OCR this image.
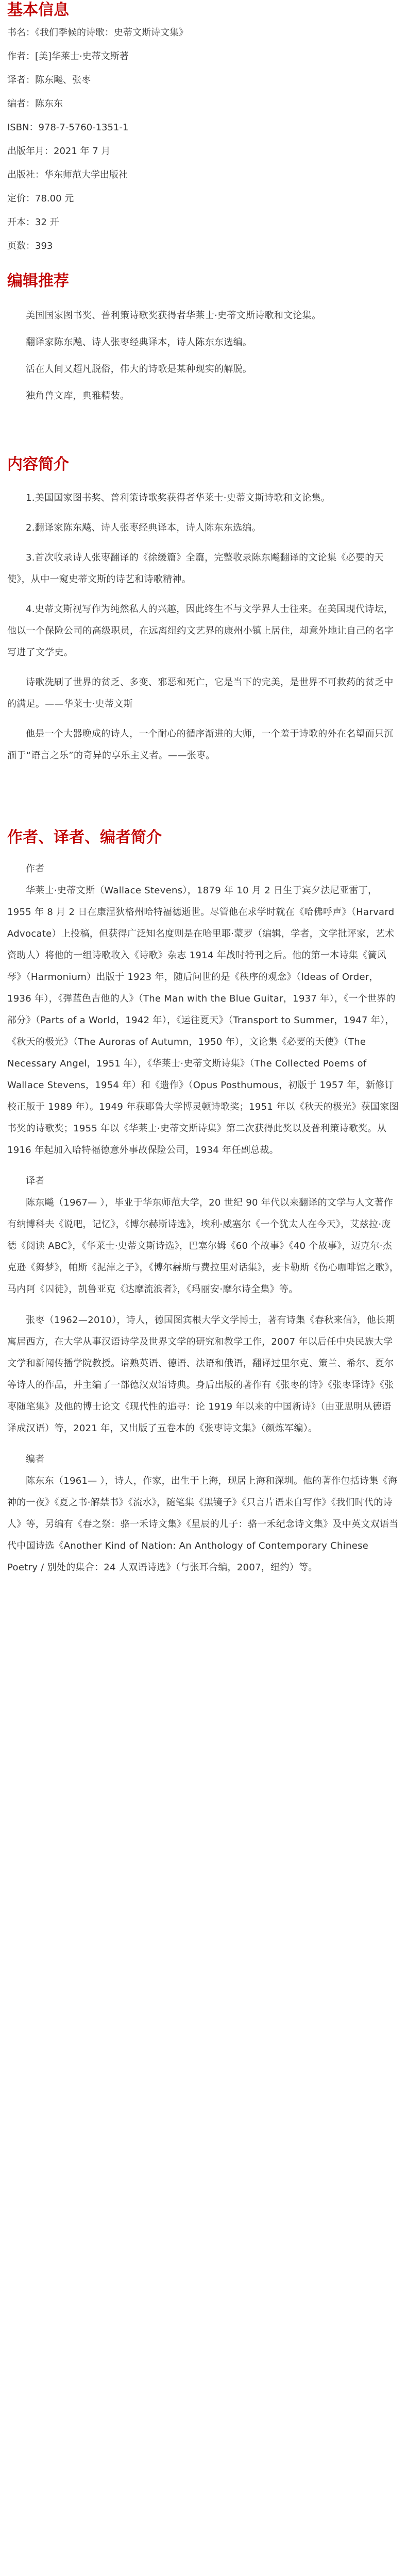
基本信息

书名：《我们季候的诗歌：史蒂文斯诗文集》

作者：[美]华莱士·史蒂文斯著

译者：陈东飚、张枣

编者：陈东东

ISBN：978-7-5760-1351-1

出版年月：2021 年 7 月

出版社：华东师范大学出版社

定价：78.00 元

开本：32 开

页数：393

编辑推荐

美国国家图书奖、普利策诗歌奖获得者华莱士·史蒂文斯诗歌和文论集。

翻译家陈东飚、诗人张枣经典译本，诗人陈东东选编。

活在人间又超凡脱俗，伟大的诗歌是某种现实的解脱。

独角兽文库，典雅精装。

内容简介

1.美国国家图书奖、普利策诗歌奖获得者华莱士·史蒂文斯诗歌和文论集。

2.翻译家陈东飚、诗人张枣经典译本，诗人陈东东选编。

3.首次收录诗人张枣翻译的《徐缓篇》全篇，完整收录陈东飚翻译的文论集《必要的天使》，从中一窥史蒂文斯的诗艺和诗歌精神。

4.史蒂文斯视写作为纯然私人的兴趣，因此终生不与文学界人士往来。在美国现代诗坛，他以一个保险公司的高级职员，在远离纽约文艺界的康州小镇上居住，却意外地让自己的名字写进了文学史。

诗歌洗刷了世界的贫乏、多变、邪恶和死亡，它是当下的完美，是世界不可救药的贫乏中的满足。——华莱士·史蒂文斯

他是一个大器晚成的诗人，一个耐心的循序渐进的大师，一个羞于诗歌的外在名望而只沉湎于“语言之乐”的奇异的享乐主义者。——张枣。

作者、译者、编者简介

作者

华莱士·史蒂文斯（Wallace Stevens），1879 年 10 月 2 日生于宾夕法尼亚雷丁，1955 年 8 月 2 日在康涅狄格州哈特福德逝世。尽管他在求学时就在《哈佛呼声》（Harvard Advocate）上投稿，但获得广泛知名度则是在哈里耶·蒙罗（编辑，学者，文学批评家，艺术资助人）将他的一组诗歌收入《诗歌》杂志 1914 年战时特刊之后。他的第一本诗集《簧风琴》（Harmonium）出版于 1923 年，随后问世的是《秩序的观念》（Ideas of Order，1936 年），《弹蓝色吉他的人》（The Man with the Blue Guitar，1937 年），《一个世界的部分》（Parts of a World，1942 年），《运往夏天》（Transport to Summer，1947 年），《秋天的极光》（The Auroras of Autumn，1950 年），文论集《必要的天使》（The Necessary Angel，1951 年），《华莱士·史蒂文斯诗集》（The Collected Poems of Wallace Stevens，1954 年）和《遗作》（Opus Posthumous，初版于 1957 年，新修订校正版于 1989 年）。1949 年获耶鲁大学博灵顿诗歌奖；1951 年以《秋天的极光》获国家图书奖的诗歌奖；1955 年以《华莱士·史蒂文斯诗集》第二次获得此奖以及普利策诗歌奖。从 1916 年起加入哈特福德意外事故保险公司，1934 年任副总裁。

译者

陈东飚（1967— ），毕业于华东师范大学，20 世纪 90 年代以来翻译的文学与人文著作有纳博科夫《说吧，记忆》，《博尔赫斯诗选》，埃利·威塞尔《一个犹太人在今天》，艾兹拉·庞德《阅读 ABC》，《华莱士·史蒂文斯诗选》，巴塞尔姆《60 个故事》《40 个故事》，迈克尔·杰克逊《舞梦》，帕斯《泥淖之子》，《博尔赫斯与费拉里对话集》，麦卡勒斯《伤心咖啡馆之歌》，马内阿《囚徒》，凯鲁亚克《达摩流浪者》，《玛丽安·摩尔诗全集》等。

张枣（1962—2010），诗人，德国图宾根大学文学博士，著有诗集《春秋来信》，他长期寓居西方，在大学从事汉语诗学及世界文学的研究和教学工作，2007 年以后任中央民族大学文学和新闻传播学院教授。谙熟英语、德语、法语和俄语，翻译过里尔克、策兰、希尔、夏尔等诗人的作品，并主编了一部德汉双语诗典。身后出版的著作有《张枣的诗》《张枣译诗》《张枣随笔集》及他的博士论文《现代性的追寻：论 1919 年以来的中国新诗》（由亚思明从德语译成汉语）等，2021 年，又出版了五卷本的《张枣诗文集》（颜炼军编）。

编者

陈东东（1961— ），诗人，作家，出生于上海，现居上海和深圳。他的著作包括诗集《海神的一夜》《夏之书·解禁书》《流水》，随笔集《黑镜子》《只言片语来自写作》《我们时代的诗人》等，另编有《春之祭：骆一禾诗文集》《星辰的儿子：骆一禾纪念诗文集》及中英文双语当代中国诗选《Another Kind of Nation: An Anthology of Contemporary Chinese Poetry / 别处的集合：24 人双语诗选》（与张耳合编，2007，纽约）等。
